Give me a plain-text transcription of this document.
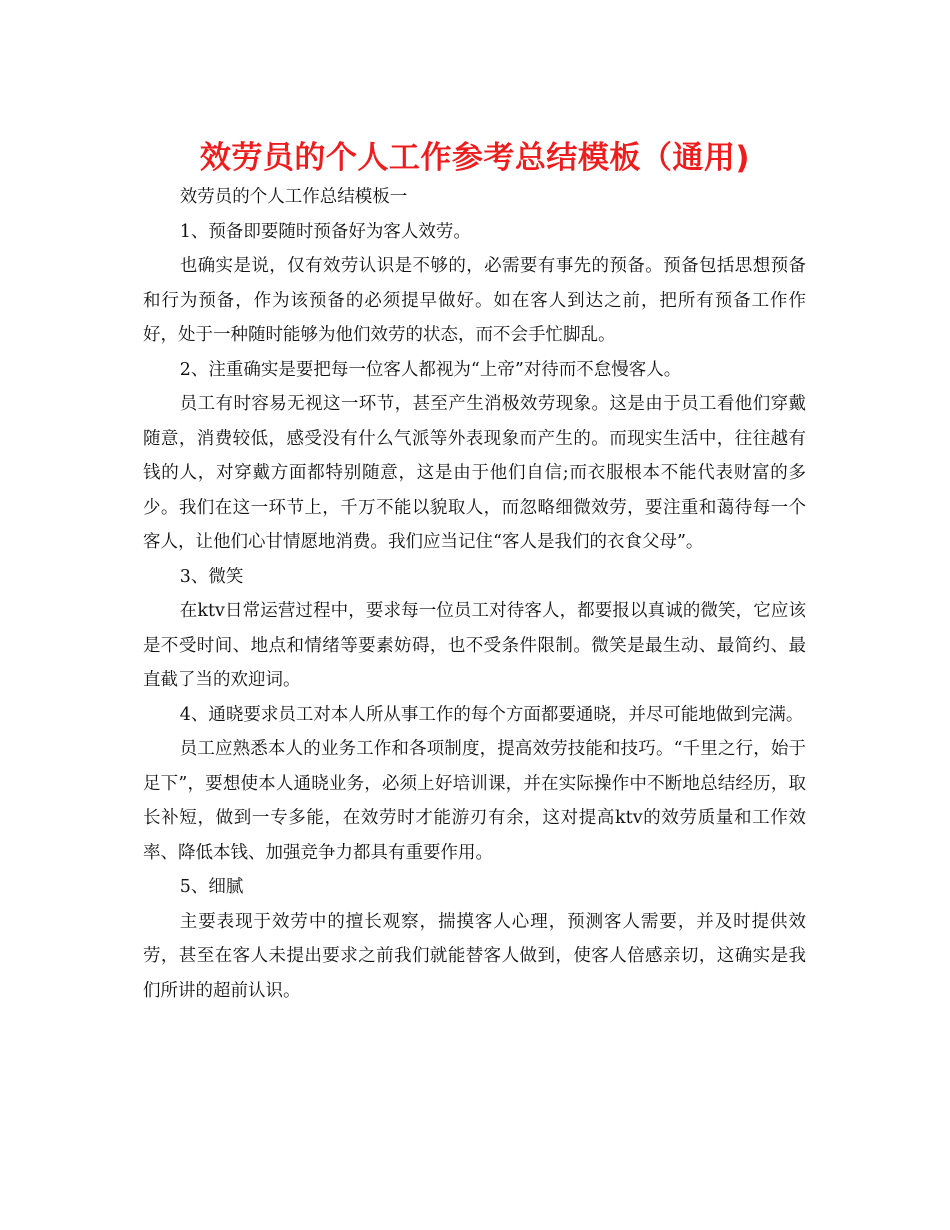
效劳员的个人工作参考总结模板（通用)

效劳员的个人工作总结模板一

1、预备即要随时预备好为客人效劳。

也确实是说，仅有效劳认识是不够的，必需要有事先的预备。预备包括思想预备和行为预备，作为该预备的必须提早做好。如在客人到达之前，把所有预备工作作好，处于一种随时能够为他们效劳的状态，而不会手忙脚乱。

2、注重确实是要把每一位客人都视为“上帝”对待而不怠慢客人。

员工有时容易无视这一环节，甚至产生消极效劳现象。这是由于员工看他们穿戴随意，消费较低，感受没有什么气派等外表现象而产生的。而现实生活中，往往越有钱的人，对穿戴方面都特别随意，这是由于他们自信;而衣服根本不能代表财富的多少。我们在这一环节上，千万不能以貌取人，而忽略细微效劳，要注重和蔼待每一个客人，让他们心甘情愿地消费。我们应当记住“客人是我们的衣食父母”。

3、微笑

在ktv日常运营过程中，要求每一位员工对待客人，都要报以真诚的微笑，它应该是不受时间、地点和情绪等要素妨碍，也不受条件限制。微笑是最生动、最简约、最直截了当的欢迎词。

4、通晓要求员工对本人所从事工作的每个方面都要通晓，并尽可能地做到完满。

员工应熟悉本人的业务工作和各项制度，提高效劳技能和技巧。“千里之行，始于足下”，要想使本人通晓业务，必须上好培训课，并在实际操作中不断地总结经历，取长补短，做到一专多能，在效劳时才能游刃有余，这对提高ktv的效劳质量和工作效率、降低本钱、加强竞争力都具有重要作用。

5、细腻

主要表现于效劳中的擅长观察，揣摸客人心理，预测客人需要，并及时提供效劳，甚至在客人未提出要求之前我们就能替客人做到，使客人倍感亲切，这确实是我们所讲的超前认识。
